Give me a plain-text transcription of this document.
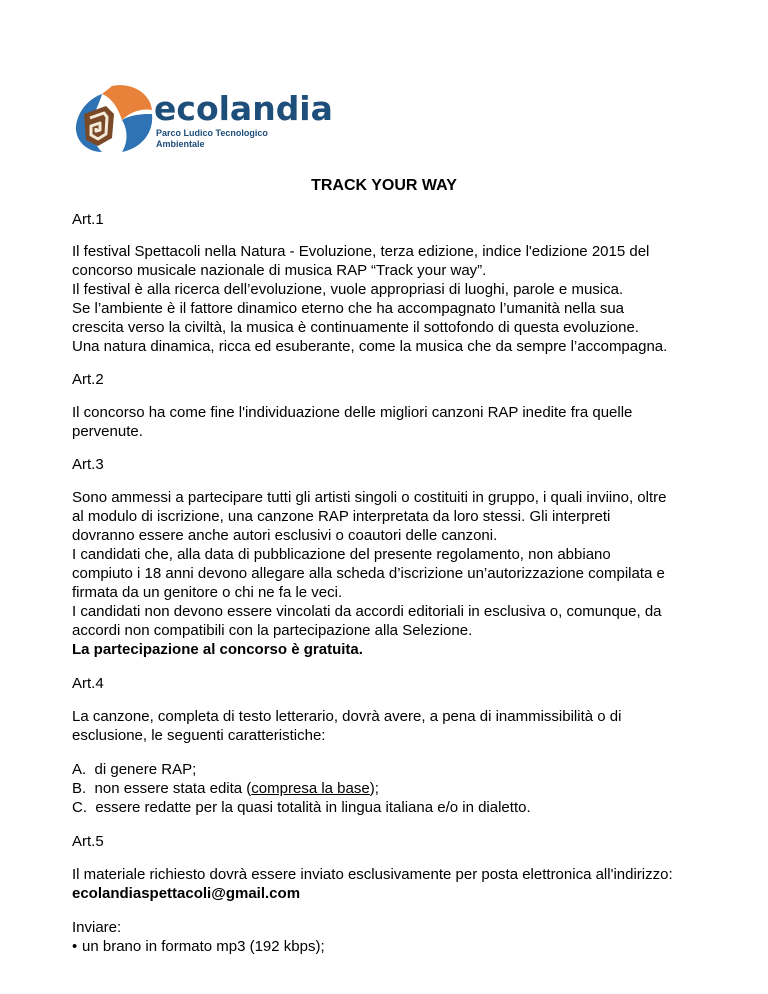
ecolandia
Parco Ludico Tecnologico Ambientale
TRACK YOUR WAY
Art.1
Il festival Spettacoli nella Natura - Evoluzione, terza edizione, indice l'edizione 2015 del
concorso musicale nazionale di musica RAP “Track your way”.
Il festival è alla ricerca dell’evoluzione, vuole appropriasi di luoghi, parole e musica.
Se l’ambiente è il fattore dinamico eterno che ha accompagnato l’umanità nella sua
crescita verso la civiltà, la musica è continuamente il sottofondo di questa evoluzione.
Una natura dinamica, ricca ed esuberante, come la musica che da sempre l’accompagna.
Art.2
Il concorso ha come fine l'individuazione delle migliori canzoni RAP inedite fra quelle
pervenute.
Art.3
Sono ammessi a partecipare tutti gli artisti singoli o costituiti in gruppo, i quali inviino, oltre
al modulo di iscrizione, una canzone RAP interpretata da loro stessi. Gli interpreti
dovranno essere anche autori esclusivi o coautori delle canzoni.
I candidati che, alla data di pubblicazione del presente regolamento, non abbiano
compiuto i 18 anni devono allegare alla scheda d’iscrizione un’autorizzazione compilata e
firmata da un genitore o chi ne fa le veci.
I candidati non devono essere vincolati da accordi editoriali in esclusiva o, comunque, da
accordi non compatibili con la partecipazione alla Selezione.
La partecipazione al concorso è gratuita.
Art.4
La canzone, completa di testo letterario, dovrà avere, a pena di inammissibilità o di
esclusione, le seguenti caratteristiche:
A. di genere RAP;
B. non essere stata edita (compresa la base);
C. essere redatte per la quasi totalità in lingua italiana e/o in dialetto.
Art.5
Il materiale richiesto dovrà essere inviato esclusivamente per posta elettronica all'indirizzo:
ecolandiaspettacoli@gmail.com
Inviare:
• un brano in formato mp3 (192 kbps);
